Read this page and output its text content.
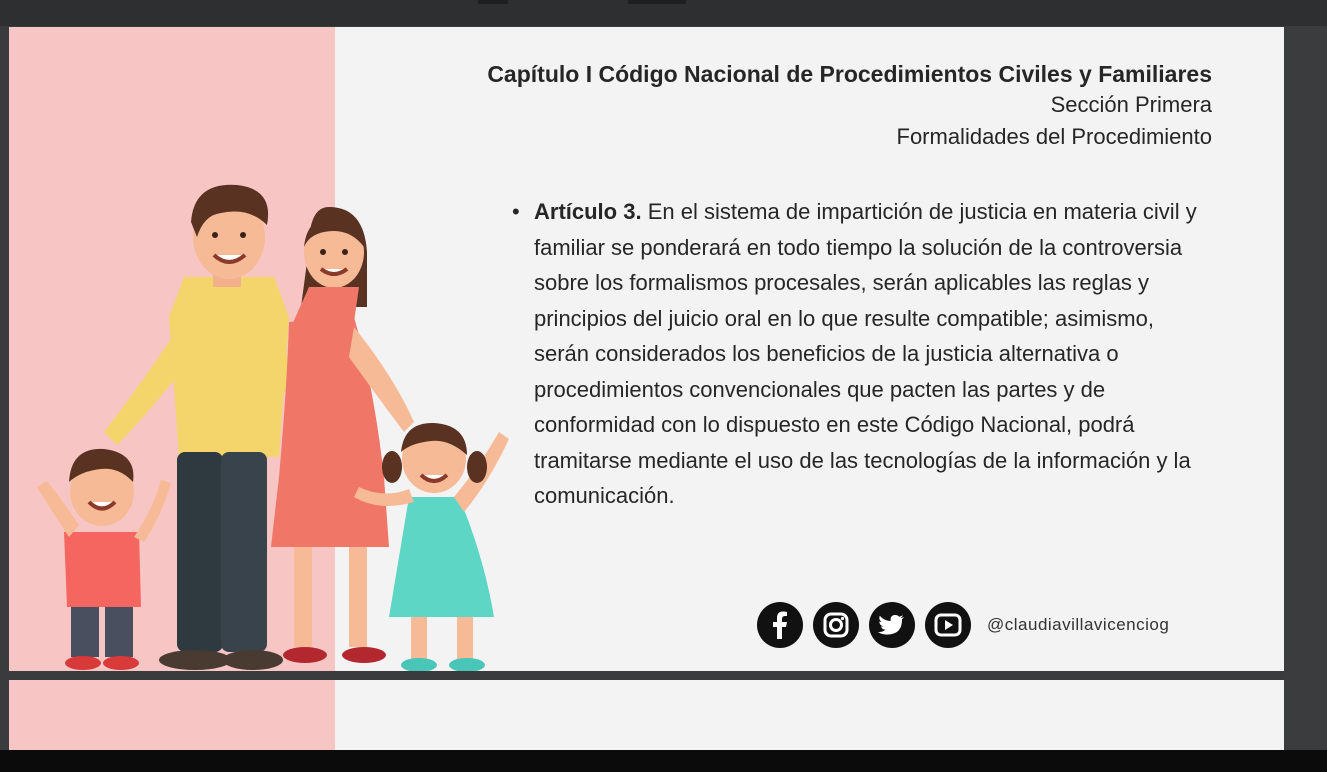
Capítulo I Código Nacional de Procedimientos Civiles y Familiares
Sección Primera
Formalidades del Procedimiento
• Artículo 3. En el sistema de impartición de justicia en materia civil y familiar se ponderará en todo tiempo la solución de la controversia sobre los formalismos procesales, serán aplicables las reglas y principios del juicio oral en lo que resulte compatible; asimismo, serán considerados los beneficios de la justicia alternativa o procedimientos convencionales que pacten las partes y de conformidad con lo dispuesto en este Código Nacional, podrá tramitarse mediante el uso de las tecnologías de la información y la comunicación.
@claudiavillavicenciog
